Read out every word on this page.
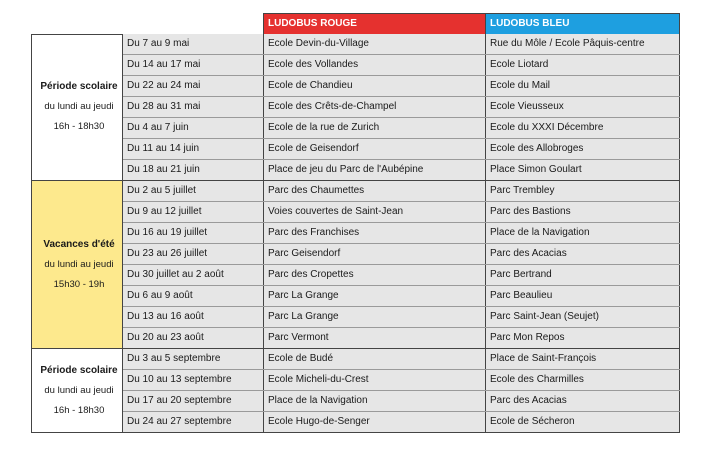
		LUDOBUS ROUGE	LUDOBUS BLEU

Période scolaire
du lundi au jeudi
16h - 18h30	Du 7 au 9 mai	Ecole Devin-du-Village	Rue du Môle / Ecole Pâquis-centre
	Du 14 au 17 mai	Ecole des Vollandes	Ecole Liotard
	Du 22 au 24 mai	Ecole de Chandieu	Ecole du Mail
	Du 28 au 31 mai	Ecole des Crêts-de-Champel	Ecole Vieusseux
	Du 4 au 7 juin	Ecole de la rue de Zurich	Ecole du XXXI Décembre
	Du 11 au 14 juin	Ecole de Geisendorf	Ecole des Allobroges
	Du 18 au 21 juin	Place de jeu du Parc de l'Aubépine	Place Simon Goulart

Vacances d'été
du lundi au jeudi
15h30 - 19h	Du 2 au 5 juillet	Parc des Chaumettes	Parc Trembley
	Du 9 au 12 juillet	Voies couvertes de Saint-Jean	Parc des Bastions
	Du 16 au 19 juillet	Parc des Franchises	Place de la Navigation
	Du 23 au 26 juillet	Parc Geisendorf	Parc des Acacias
	Du 30 juillet au 2 août	Parc des Cropettes	Parc Bertrand
	Du 6 au 9 août	Parc La Grange	Parc Beaulieu
	Du 13 au 16 août	Parc La Grange	Parc Saint-Jean (Seujet)
	Du 20 au 23 août	Parc Vermont	Parc Mon Repos

Période scolaire
du lundi au jeudi
16h - 18h30	Du 3 au 5 septembre	Ecole de Budé	Place de Saint-François
	Du 10 au 13 septembre	Ecole Micheli-du-Crest	Ecole des Charmilles
	Du 17 au 20 septembre	Place de la Navigation	Parc des Acacias
	Du 24 au 27 septembre	Ecole Hugo-de-Senger	Ecole de Sécheron
